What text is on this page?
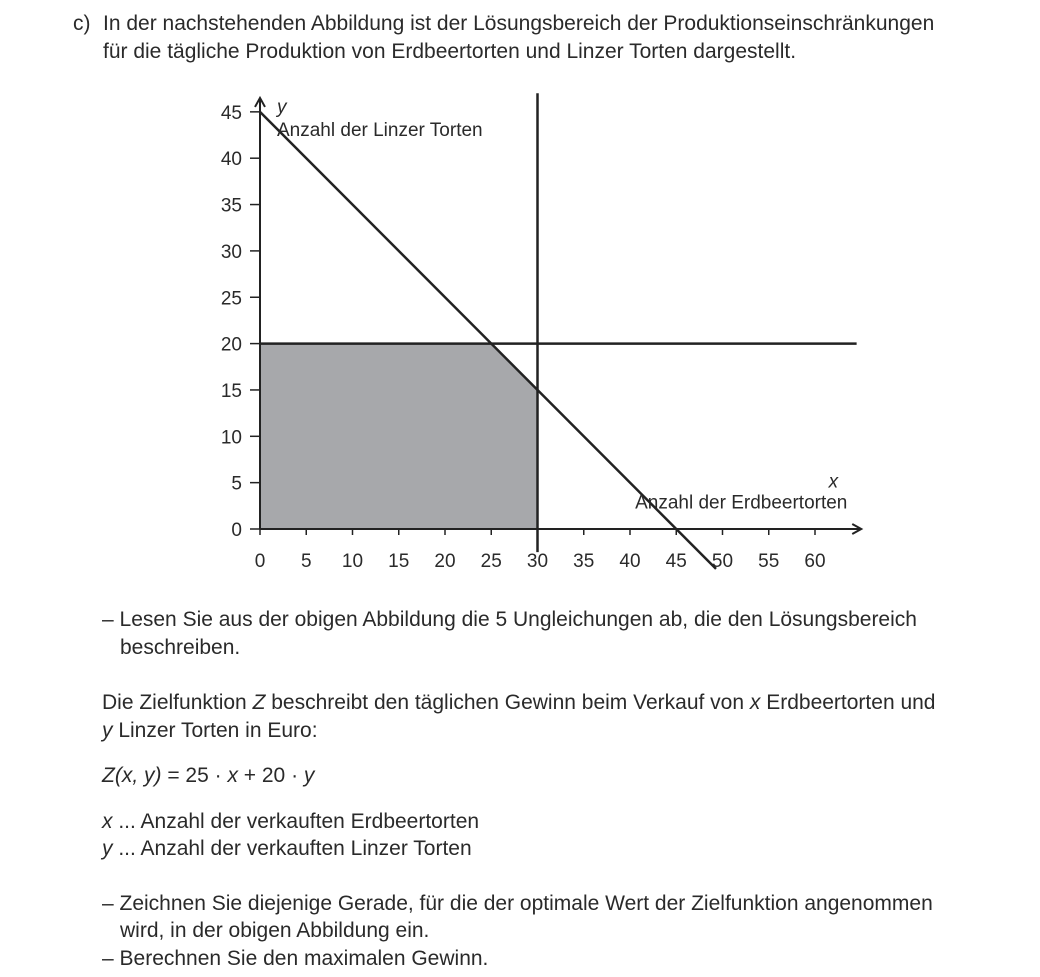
c) In der nachstehenden Abbildung ist der Lösungsbereich der Produktionseinschränkungen
für die tägliche Produktion von Erdbeertorten und Linzer Torten dargestellt.
0 5 10 15 20 25 30 35 40 45 50 55 60
0
5
10
15
20
25
30
35
40
45 y
Anzahl der Linzer Torten
x
Anzahl der Erdbeertorten
– Lesen Sie aus der obigen Abbildung die 5 Ungleichungen ab, die den Lösungsbereich
beschreiben.
Die Zielfunktion Z beschreibt den täglichen Gewinn beim Verkauf von x Erdbeertorten und
y Linzer Torten in Euro:
Z(x, y) = 25 · x + 20 · y
x ... Anzahl der verkauften Erdbeertorten
y ... Anzahl der verkauften Linzer Torten
– Zeichnen Sie diejenige Gerade, für die der optimale Wert der Zielfunktion angenommen
wird, in der obigen Abbildung ein.
– Berechnen Sie den maximalen Gewinn.
